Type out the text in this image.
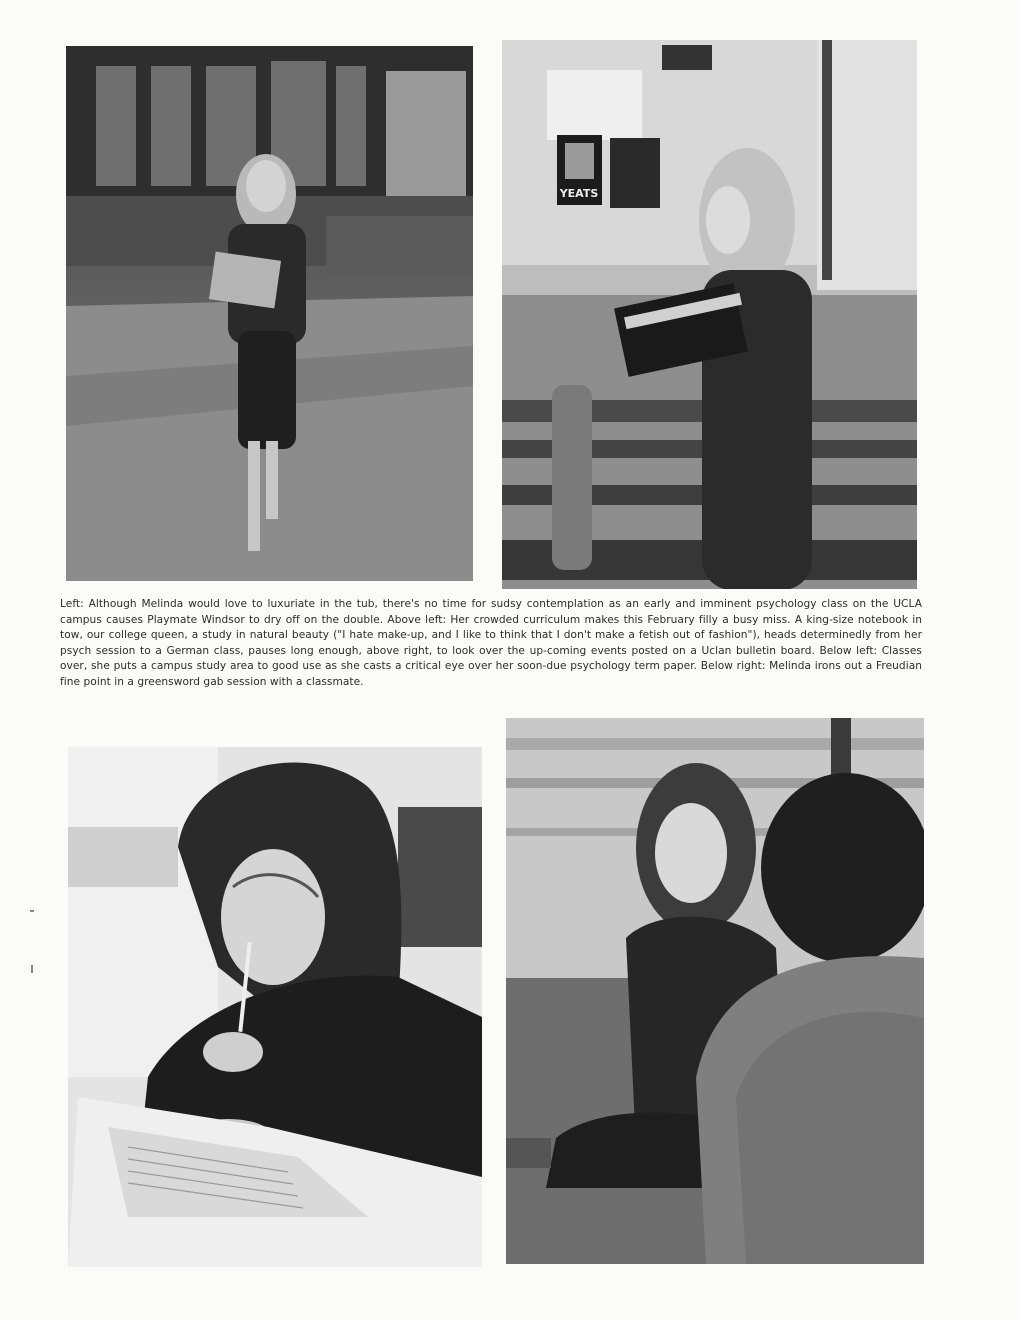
YEATS
Left: Although Melinda would love to luxuriate in the tub, there's no time for sudsy contemplation as an early and imminent psychology class on the UCLA campus causes Playmate Windsor to dry off on the double. Above left: Her crowded curriculum makes this February filly a busy miss. A king-size notebook in tow, our college queen, a study in natural beauty ("I hate make-up, and I like to think that I don't make a fetish out of fashion"), heads determinedly from her psych session to a German class, pauses long enough, above right, to look over the up-coming events posted on a Uclan bulletin board. Below left: Classes over, she puts a campus study area to good use as she casts a critical eye over her soon-due psychology term paper. Below right: Melinda irons out a Freudian fine point in a greensword gab session with a classmate.
